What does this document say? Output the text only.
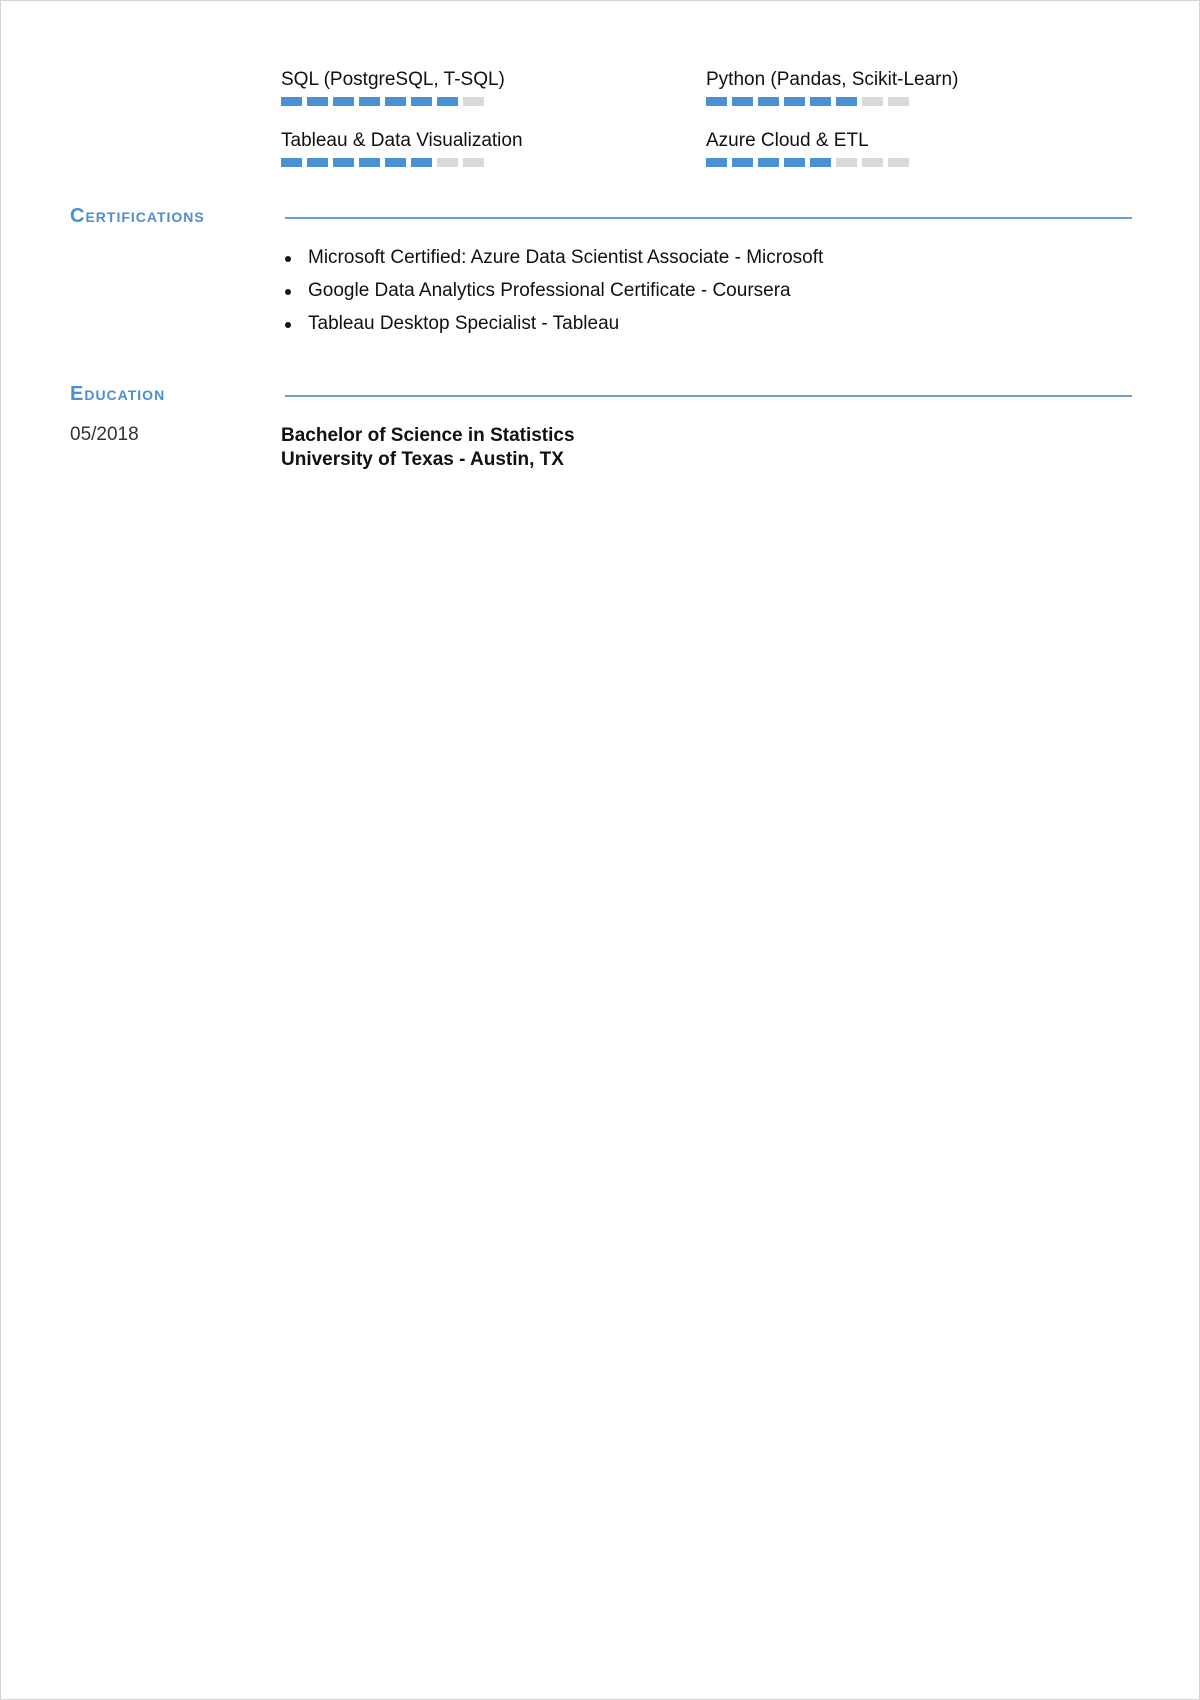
SQL (PostgreSQL, T-SQL)	Python (Pandas, Scikit-Learn)
Tableau & Data Visualization	Azure Cloud & ETL
Certifications
Microsoft Certified: Azure Data Scientist Associate - Microsoft
Google Data Analytics Professional Certificate - Coursera
Tableau Desktop Specialist - Tableau
Education
05/2018	Bachelor of Science in Statistics
University of Texas - Austin, TX
